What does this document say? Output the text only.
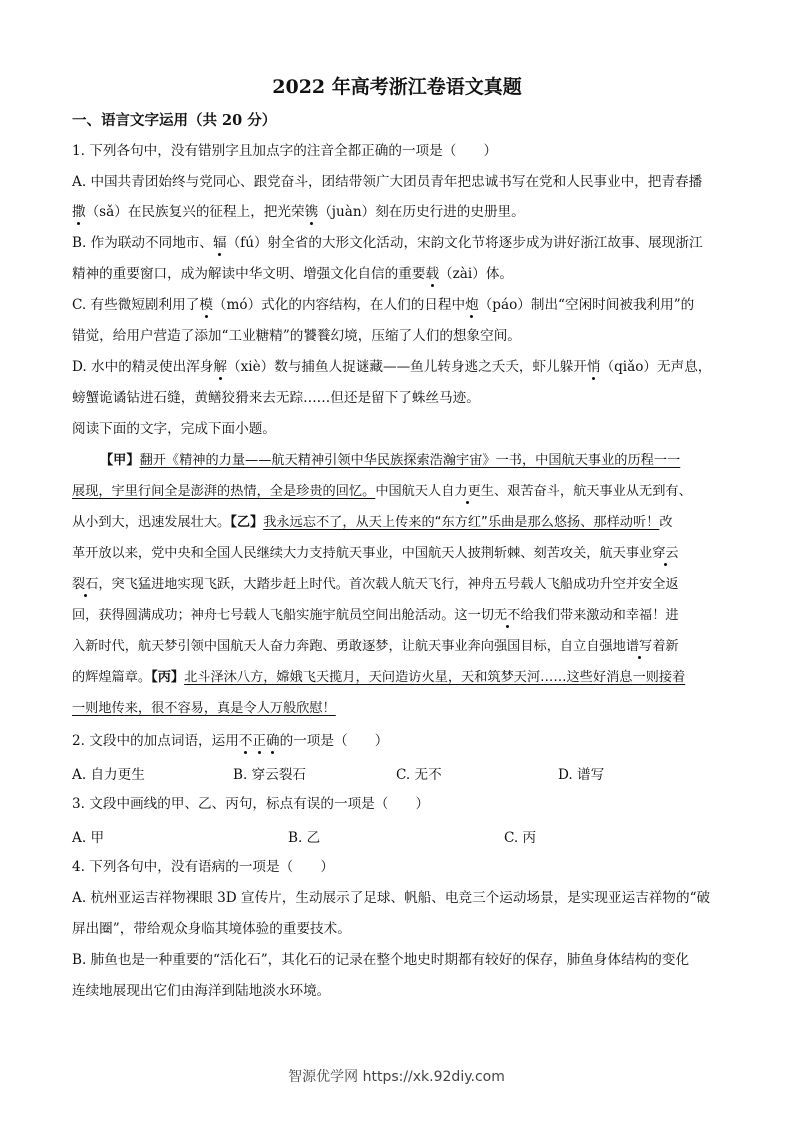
2022 年高考浙江卷语文真题
一、语言文字运用（共 20 分）
1. 下列各句中，没有错别字且加点字的注音全都正确的一项是（　　）
A. 中国共青团始终与党同心、跟党奋斗，团结带领广大团员青年把忠诚书写在党和人民事业中，把青春播
撒（sǎ）在民族复兴的征程上，把光荣镌（juàn）刻在历史行进的史册里。
B. 作为联动不同地市、辐（fú）射全省的大形文化活动，宋韵文化节将逐步成为讲好浙江故事、展现浙江
精神的重要窗口，成为解读中华文明、增强文化自信的重要载（zài）体。
C. 有些微短剧利用了模（mó）式化的内容结构，在人们的日程中炮（páo）制出“空闲时间被我利用”的
错觉，给用户营造了添加“工业糖精”的饕餮幻境，压缩了人们的想象空间。
D. 水中的精灵使出浑身解（xiè）数与捕鱼人捉谜藏——鱼儿转身逃之夭夭，虾儿躲开悄（qiǎo）无声息，
螃蟹诡谲钻进石缝，黄鳝狡猾来去无踪……但还是留下了蛛丝马迹。
阅读下面的文字，完成下面小题。
【甲】翻开《精神的力量——航天精神引领中华民族探索浩瀚宇宙》一书，中国航天事业的历程一一
展现，宇里行间全是澎湃的热情，全是珍贵的回忆。中国航天人自力更生、艰苦奋斗，航天事业从无到有、
从小到大，迅速发展壮大。【乙】我永远忘不了，从天上传来的“东方红”乐曲是那么悠扬、那样动听！改
革开放以来，党中央和全国人民继续大力支持航天事业，中国航天人披荆斩棘、刻苦攻关，航天事业穿云
裂石，突飞猛进地实现飞跃，大踏步赶上时代。首次载人航天飞行，神舟五号载人飞船成功升空并安全返
回，获得圆满成功；神舟七号载人飞船实施宇航员空间出舱活动。这一切无不给我们带来激动和幸福！进
入新时代，航天梦引领中国航天人奋力奔跑、勇敢逐梦，让航天事业奔向强国目标，自立自强地谱写着新
的辉煌篇章。【丙】北斗泽沐八方，嫦娥飞天揽月，天问造访火星，天和筑梦天河……这些好消息一则接着
一则地传来，很不容易，真是令人万般欣慰！
2. 文段中的加点词语，运用不正确的一项是（　　）
A. 自力更生	B. 穿云裂石	C. 无不	D. 谱写
3. 文段中画线的甲、乙、丙句，标点有误的一项是（　　）
A. 甲	B. 乙	C. 丙
4. 下列各句中，没有语病的一项是（　　）
A. 杭州亚运吉祥物裸眼 3D 宣传片，生动展示了足球、帆船、电竞三个运动场景，是实现亚运吉祥物的“破
屏出圈”，带给观众身临其境体验的重要技术。
B. 肺鱼也是一种重要的“活化石”，其化石的记录在整个地史时期都有较好的保存，肺鱼身体结构的变化
连续地展现出它们由海洋到陆地淡水环境。
智源优学网 https://xk.92diy.com
